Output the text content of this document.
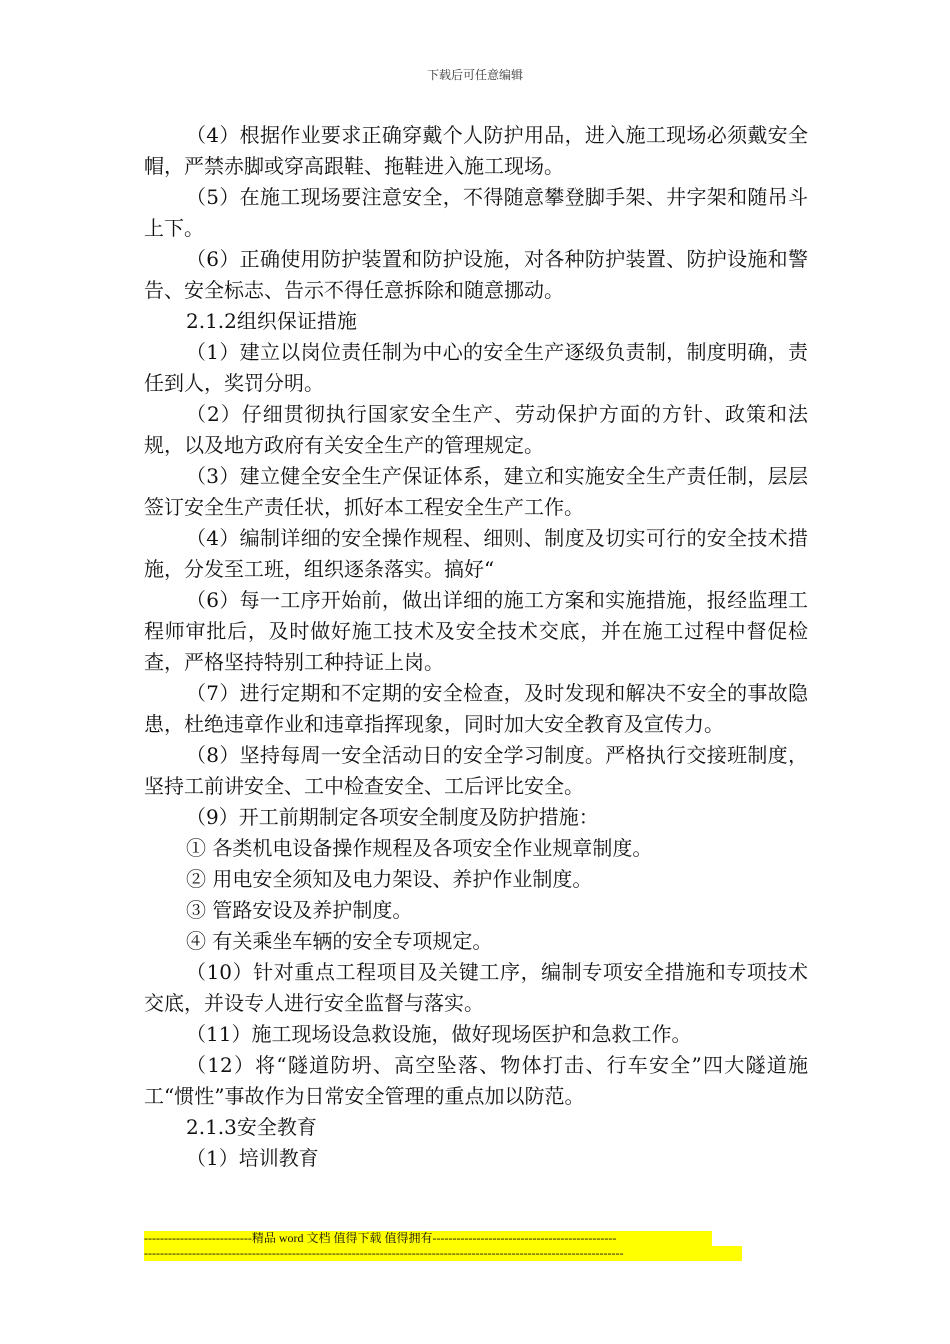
下载后可任意编辑

（4）根据作业要求正确穿戴个人防护用品，进入施工现场必须戴安全帽，严禁赤脚或穿高跟鞋、拖鞋进入施工现场。

（5）在施工现场要注意安全，不得随意攀登脚手架、井字架和随吊斗上下。

（6）正确使用防护装置和防护设施，对各种防护装置、防护设施和警告、安全标志、告示不得任意拆除和随意挪动。

2.1.2组织保证措施

（1）建立以岗位责任制为中心的安全生产逐级负责制，制度明确，责任到人，奖罚分明。

（2）仔细贯彻执行国家安全生产、劳动保护方面的方针、政策和法规，以及地方政府有关安全生产的管理规定。

（3）建立健全安全生产保证体系，建立和实施安全生产责任制，层层签订安全生产责任状，抓好本工程安全生产工作。

（4）编制详细的安全操作规程、细则、制度及切实可行的安全技术措施，分发至工班，组织逐条落实。搞好“

（6）每一工序开始前，做出详细的施工方案和实施措施，报经监理工程师审批后，及时做好施工技术及安全技术交底，并在施工过程中督促检查，严格坚持特别工种持证上岗。

（7）进行定期和不定期的安全检查，及时发现和解决不安全的事故隐患，杜绝违章作业和违章指挥现象，同时加大安全教育及宣传力。

（8）坚持每周一安全活动日的安全学习制度。严格执行交接班制度，坚持工前讲安全、工中检查安全、工后评比安全。

（9）开工前期制定各项安全制度及防护措施：

① 各类机电设备操作规程及各项安全作业规章制度。

② 用电安全须知及电力架设、养护作业制度。

③ 管路安设及养护制度。

④ 有关乘坐车辆的安全专项规定。

（10）针对重点工程项目及关键工序，编制专项安全措施和专项技术交底，并设专人进行安全监督与落实。

（11）施工现场设急救设施，做好现场医护和急救工作。

（12）将“隧道防坍、高空坠落、物体打击、行车安全”四大隧道施工“惯性”事故作为日常安全管理的重点加以防范。

2.1.3安全教育

（1）培训教育

---------------------------精品 word 文档 值得下载 值得拥有----------------------------------------------
------------------------------------------------------------------------------------------------------------------------
